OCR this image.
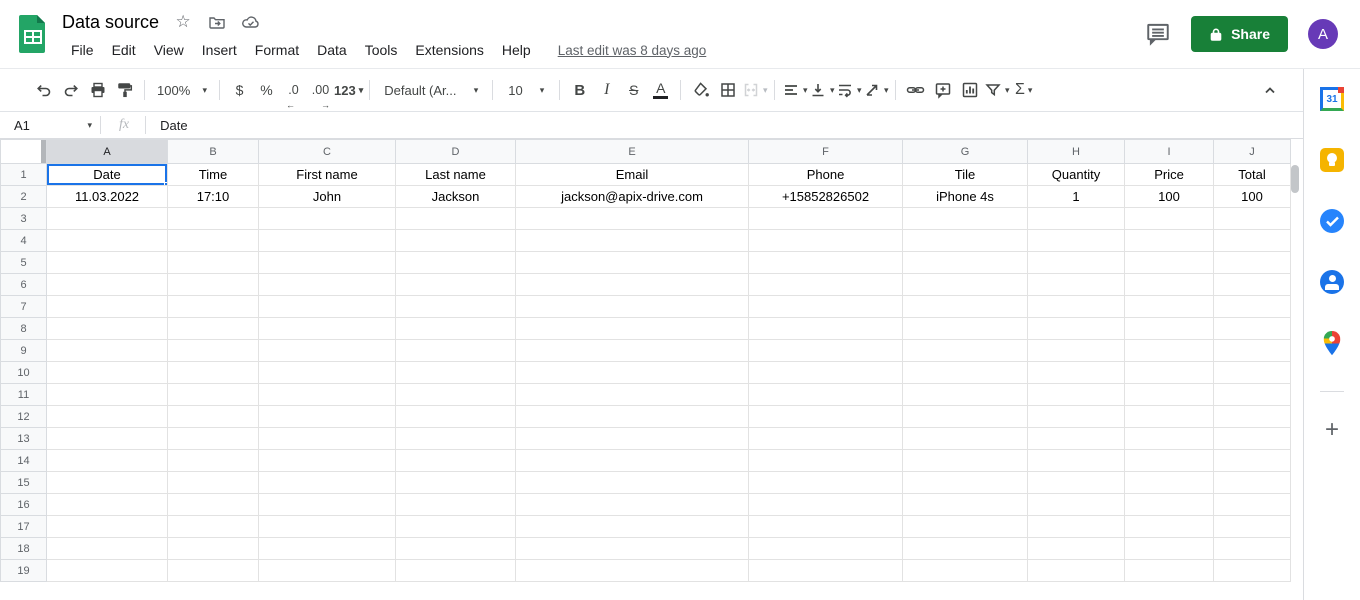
Data source ☆
File	Edit	View	Insert	Format	Data	Tools	Extensions	Help	Last edit was 8 days ago
Share	A
100% ▾	$	%	.0
←
.00
→
123 ▾ Default (Ar... ▾ 10 ▾	B	I	S	A	▾	▾ ▾ ▾ ▾	▾ Σ ▾
A1	▾	fx	Date
	A	B	C	D	E	F	G	H	I	J
1	Date	Time	First name	Last name	Email	Phone	Tile	Quantity	Price	Total
2	11.03.2022	17:10	John	Jackson	jackson@apix-drive.com	+15852826502	iPhone 4s	1	100	100
3										
4										
5										
6										
7										
8										
9										
10										
11										
12										
13										
14										
15										
16										
17										
18										
19										
31
+
